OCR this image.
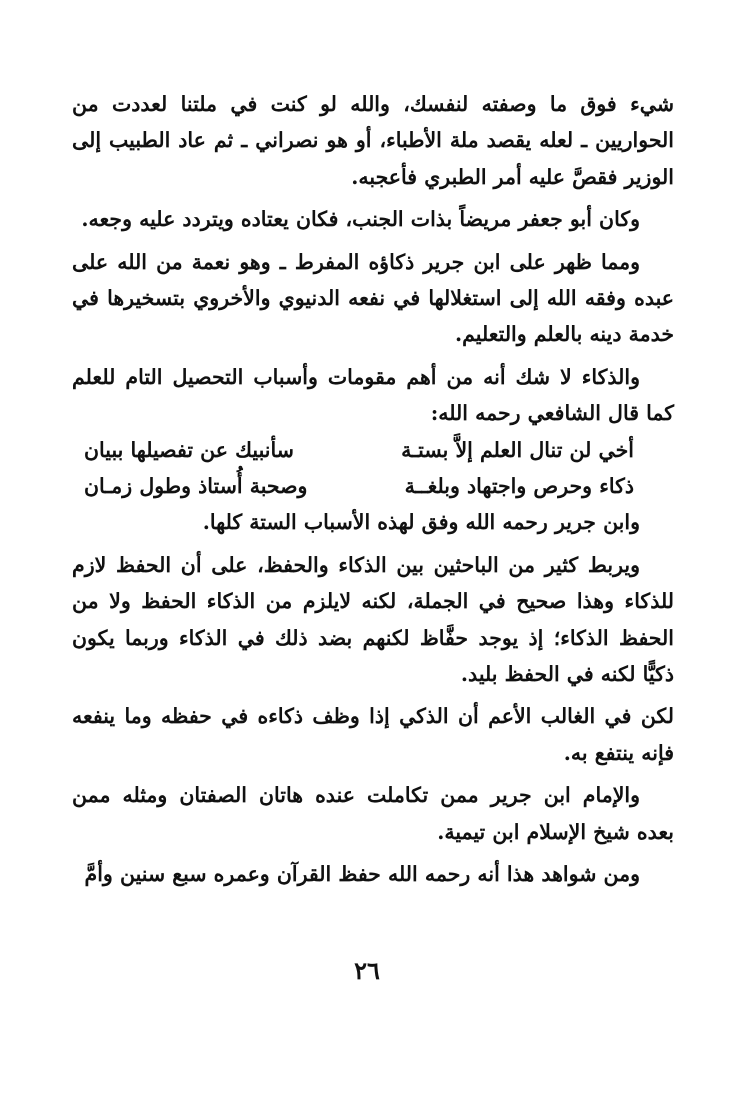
شيء فوق ما وصفته لنفسك، والله لو كنت في ملتنا لعددت من الحواريين ـ لعله يقصد ملة الأطباء، أو هو نصراني ـ ثم عاد الطبيب إلى الوزير فقصَّ عليه أمر الطبري فأعجبه.

وكان أبو جعفر مريضاً بذات الجنب، فكان يعتاده ويتردد عليه وجعه.

ومما ظهر على ابن جرير ذكاؤه المفرط ـ وهو نعمة من الله على عبده وفقه الله إلى استغلالها في نفعه الدنيوي والأخروي بتسخيرها في خدمة دينه بالعلم والتعليم.

والذكاء لا شك أنه من أهم مقومات وأسباب التحصيل التام للعلم كما قال الشافعي رحمه الله:

أخي لن تنال العلم إلاَّ بستـة
سأنبيك عن تفصيلها ببيان
ذكاء وحرص واجتهاد وبلغــة
وصحبة أُستاذ وطول زمـان

وابن جرير رحمه الله وفق لهذه الأسباب الستة كلها.

ويربط كثير من الباحثين بين الذكاء والحفظ، على أن الحفظ لازم للذكاء وهذا صحيح في الجملة، لكنه لايلزم من الذكاء الحفظ ولا من الحفظ الذكاء؛ إذ يوجد حفَّاظ لكنهم بضد ذلك في الذكاء وربما يكون ذكيًّا لكنه في الحفظ بليد.

لكن في الغالب الأعم أن الذكي إذا وظف ذكاءه في حفظه وما ينفعه فإنه ينتفع به.

والإمام ابن جرير ممن تكاملت عنده هاتان الصفتان ومثله ممن بعده شيخ الإسلام ابن تيمية.

ومن شواهد هذا أنه رحمه الله حفظ القرآن وعمره سبع سنين وأمَّ

٢٦
